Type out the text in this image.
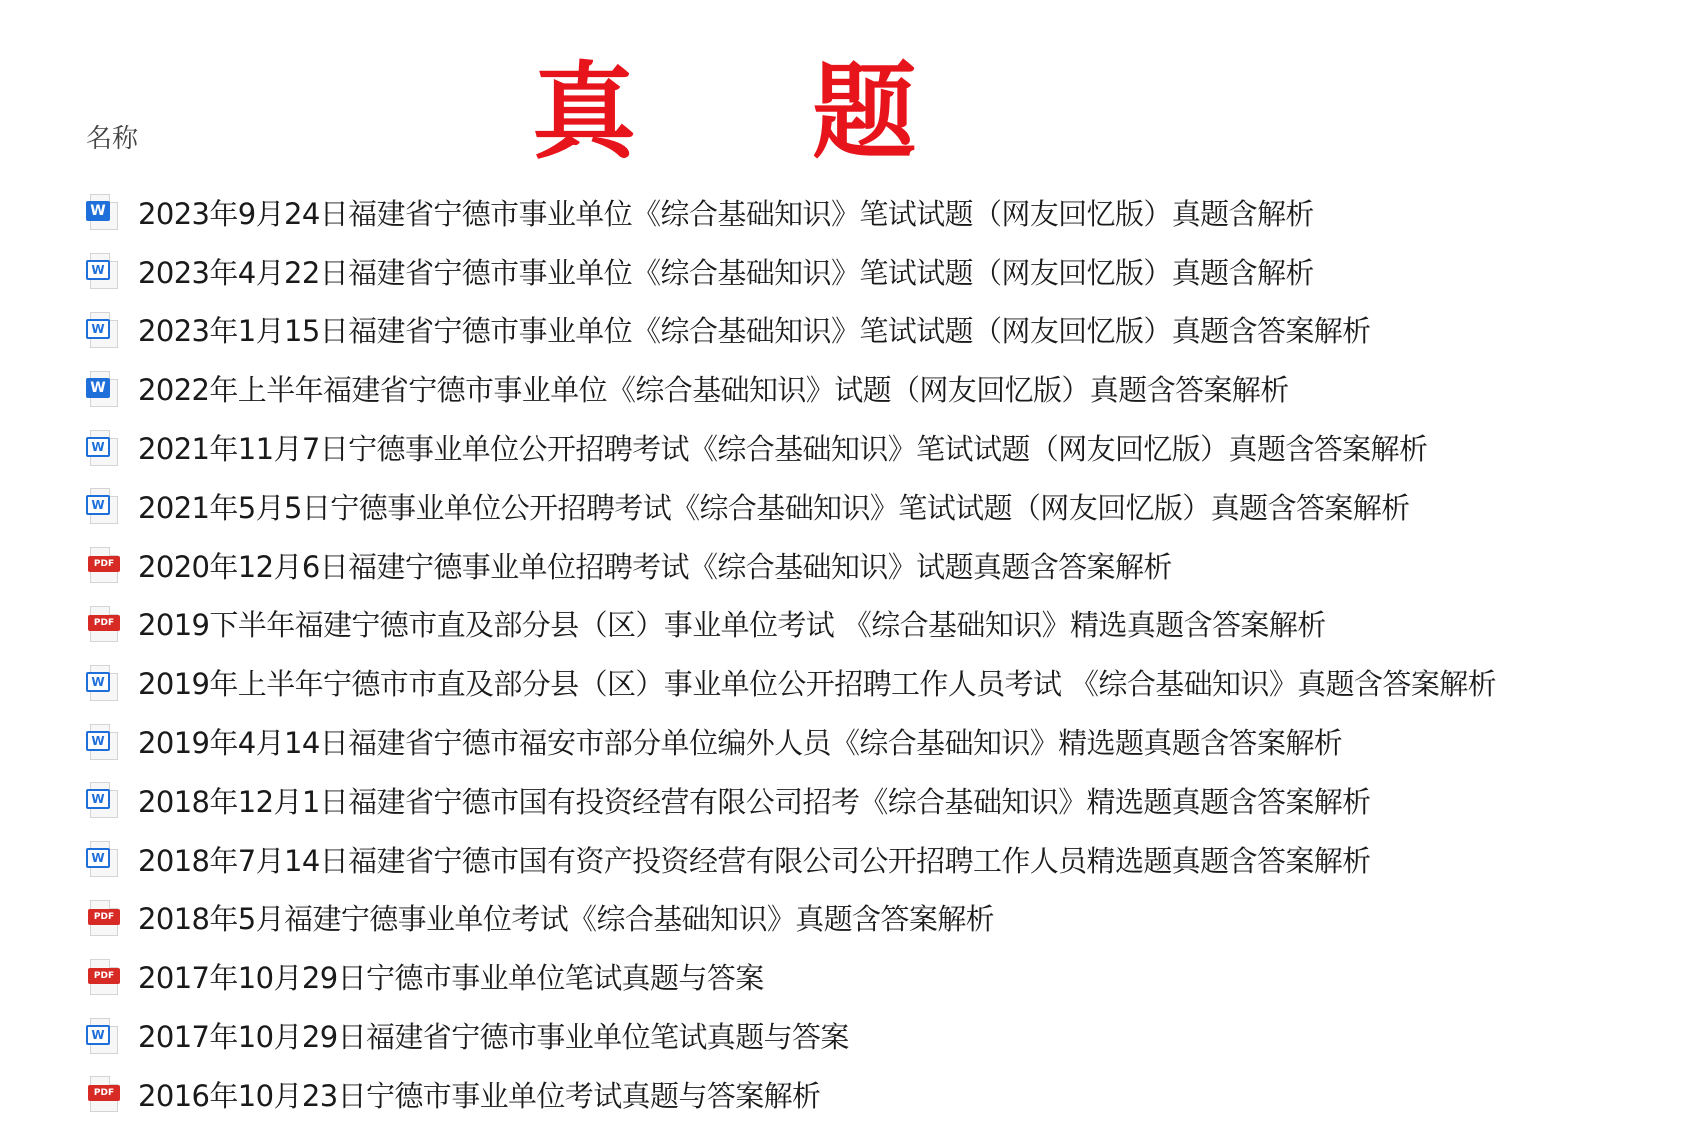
真 题
名称
W 2023年9月24日福建省宁德市事业单位《综合基础知识》笔试试题（网友回忆版）真题含解析
W 2023年4月22日福建省宁德市事业单位《综合基础知识》笔试试题（网友回忆版）真题含解析
W 2023年1月15日福建省宁德市事业单位《综合基础知识》笔试试题（网友回忆版）真题含答案解析
W 2022年上半年福建省宁德市事业单位《综合基础知识》试题（网友回忆版）真题含答案解析
W 2021年11月7日宁德事业单位公开招聘考试《综合基础知识》笔试试题（网友回忆版）真题含答案解析
W 2021年5月5日宁德事业单位公开招聘考试《综合基础知识》笔试试题（网友回忆版）真题含答案解析
PDF 2020年12月6日福建宁德事业单位招聘考试《综合基础知识》试题真题含答案解析
PDF 2019下半年福建宁德市直及部分县（区）事业单位考试 《综合基础知识》精选真题含答案解析
W 2019年上半年宁德市市直及部分县（区）事业单位公开招聘工作人员考试 《综合基础知识》真题含答案解析
W 2019年4月14日福建省宁德市福安市部分单位编外人员《综合基础知识》精选题真题含答案解析
W 2018年12月1日福建省宁德市国有投资经营有限公司招考《综合基础知识》精选题真题含答案解析
W 2018年7月14日福建省宁德市国有资产投资经营有限公司公开招聘工作人员精选题真题含答案解析
PDF 2018年5月福建宁德事业单位考试《综合基础知识》真题含答案解析
PDF 2017年10月29日宁德市事业单位笔试真题与答案
W 2017年10月29日福建省宁德市事业单位笔试真题与答案
PDF 2016年10月23日宁德市事业单位考试真题与答案解析
